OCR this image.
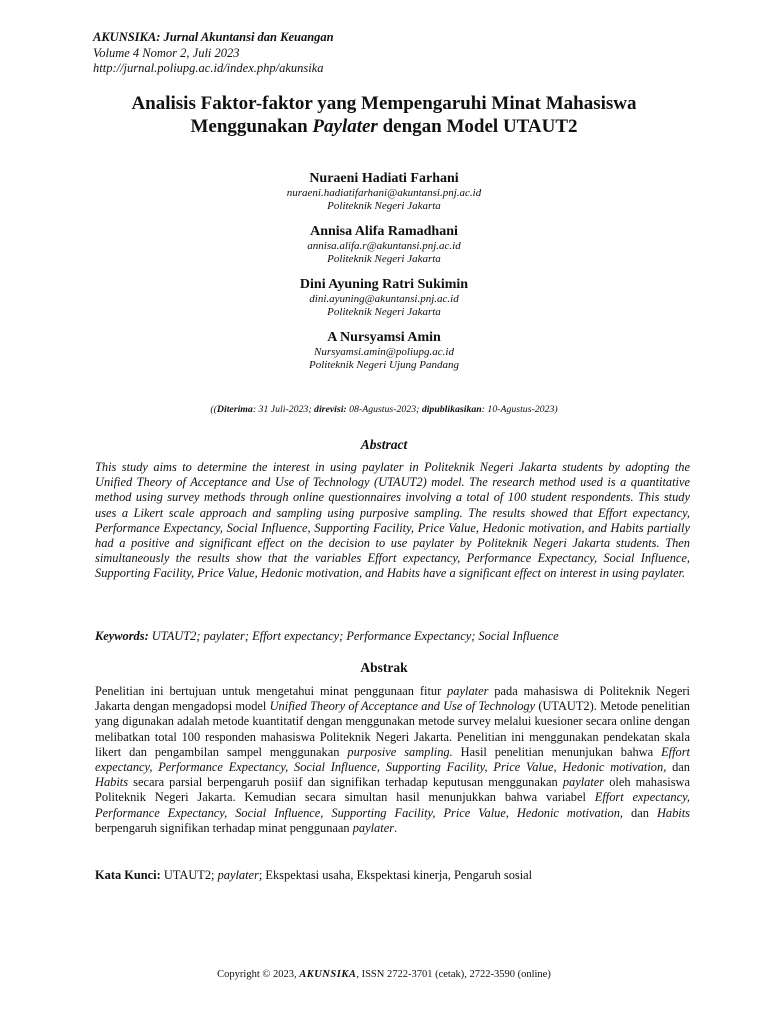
AKUNSIKA: Jurnal Akuntansi dan Keuangan
Volume 4 Nomor 2, Juli 2023
http://jurnal.poliupg.ac.id/index.php/akunsika
Analisis Faktor-faktor yang Mempengaruhi Minat Mahasiswa
Menggunakan Paylater dengan Model UTAUT2
Nuraeni Hadiati Farhani
nuraeni.hadiatifarhani@akuntansi.pnj.ac.id
Politeknik Negeri Jakarta
Annisa Alifa Ramadhani
annisa.alifa.r@akuntansi.pnj.ac.id
Politeknik Negeri Jakarta
Dini Ayuning Ratri Sukimin
dini.ayuning@akuntansi.pnj.ac.id
Politeknik Negeri Jakarta
A Nursyamsi Amin
Nursyamsi.amin@poliupg.ac.id
Politeknik Negeri Ujung Pandang
((Diterima: 31 Juli-2023; direvisi: 08-Agustus-2023; dipublikasikan: 10-Agustus-2023)
Abstract
This study aims to determine the interest in using paylater in Politeknik Negeri Jakarta students by adopting the Unified Theory of Acceptance and Use of Technology (UTAUT2) model. The research method used is a quantitative method using survey methods through online questionnaires involving a total of 100 student respondents. This study uses a Likert scale approach and sampling using purposive sampling. The results showed that Effort expectancy, Performance Expectancy, Social Influence, Supporting Facility, Price Value, Hedonic motivation, and Habits partially had a positive and significant effect on the decision to use paylater by Politeknik Negeri Jakarta students. Then simultaneously the results show that the variables Effort expectancy, Performance Expectancy, Social Influence, Supporting Facility, Price Value, Hedonic motivation, and Habits have a significant effect on interest in using paylater.
Keywords: UTAUT2; paylater; Effort expectancy; Performance Expectancy; Social Influence
Abstrak
Penelitian ini bertujuan untuk mengetahui minat penggunaan fitur paylater pada mahasiswa di Politeknik Negeri Jakarta dengan mengadopsi model Unified Theory of Acceptance and Use of Technology (UTAUT2). Metode penelitian yang digunakan adalah metode kuantitatif dengan menggunakan metode survey melalui kuesioner secara online dengan melibatkan total 100 responden mahasiswa Politeknik Negeri Jakarta. Penelitian ini menggunakan pendekatan skala likert dan pengambilan sampel menggunakan purposive sampling. Hasil penelitian menunjukan bahwa Effort expectancy, Performance Expectancy, Social Influence, Supporting Facility, Price Value, Hedonic motivation, dan Habits secara parsial berpengaruh posiif dan signifikan terhadap keputusan menggunakan paylater oleh mahasiswa Politeknik Negeri Jakarta. Kemudian secara simultan hasil menunjukkan bahwa variabel Effort expectancy, Performance Expectancy, Social Influence, Supporting Facility, Price Value, Hedonic motivation, dan Habits berpengaruh signifikan terhadap minat penggunaan paylater.
Kata Kunci: UTAUT2; paylater; Ekspektasi usaha, Ekspektasi kinerja, Pengaruh sosial
Copyright © 2023, AKUNSIKA, ISSN 2722-3701 (cetak), 2722-3590 (online)
